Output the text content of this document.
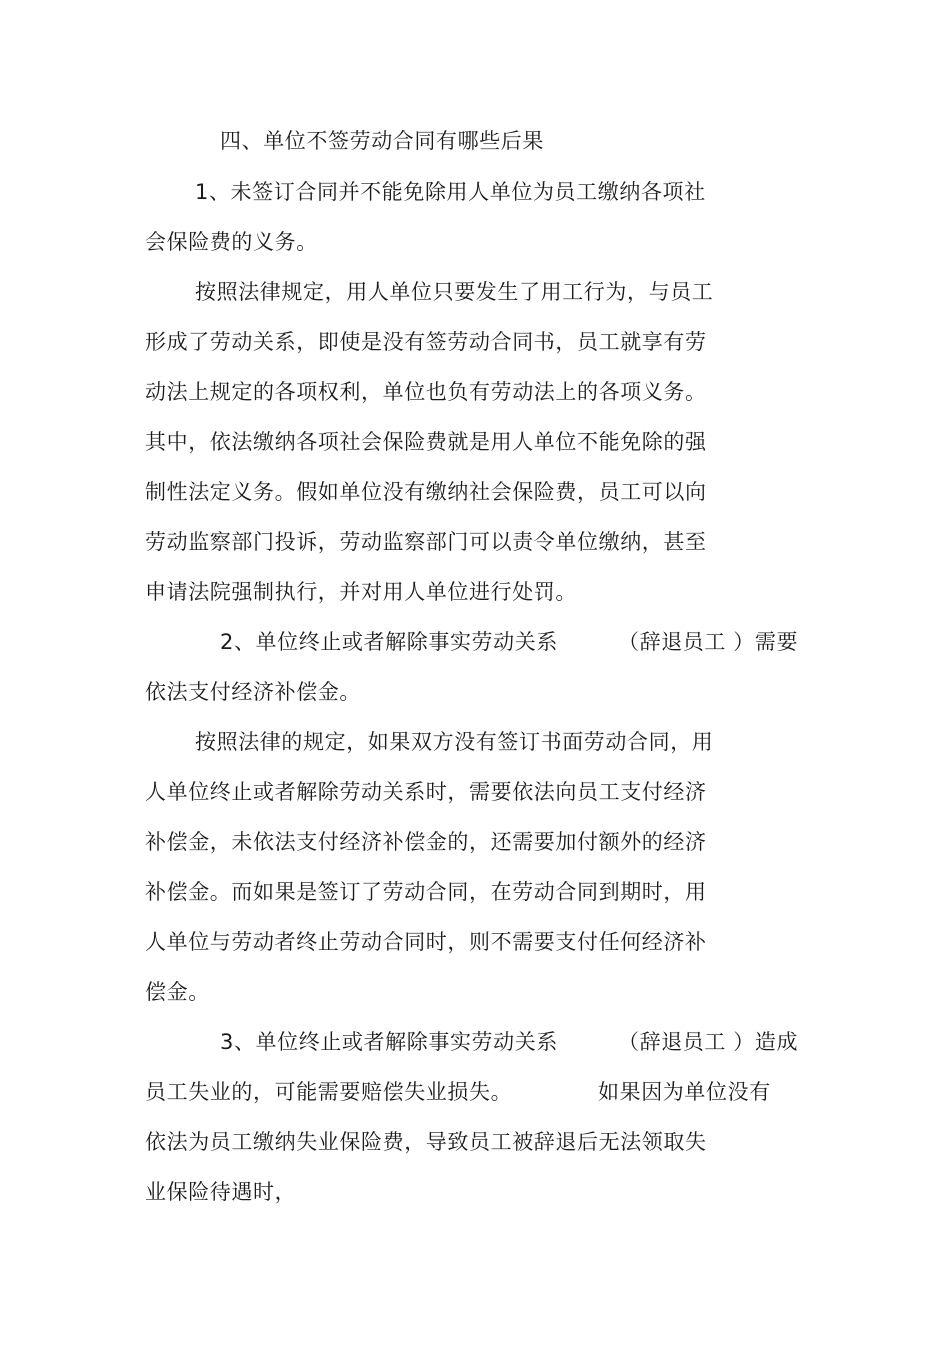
四、单位不签劳动合同有哪些后果
1、未签订合同并不能免除用人单位为员工缴纳各项社
会保险费的义务。
按照法律规定，用人单位只要发生了用工行为，与员工
形成了劳动关系，即使是没有签劳动合同书，员工就享有劳
动法上规定的各项权利，单位也负有劳动法上的各项义务。
其中，依法缴纳各项社会保险费就是用人单位不能免除的强
制性法定义务。假如单位没有缴纳社会保险费，员工可以向
劳动监察部门投诉，劳动监察部门可以责令单位缴纳，甚至
申请法院强制执行，并对用人单位进行处罚。
2、单位终止或者解除事实劳动关系	（辞退员工 ）需要
依法支付经济补偿金。
按照法律的规定，如果双方没有签订书面劳动合同，用
人单位终止或者解除劳动关系时，需要依法向员工支付经济
补偿金，未依法支付经济补偿金的，还需要加付额外的经济
补偿金。而如果是签订了劳动合同，在劳动合同到期时，用
人单位与劳动者终止劳动合同时，则不需要支付任何经济补
偿金。
3、单位终止或者解除事实劳动关系	（辞退员工 ）造成
员工失业的，可能需要赔偿失业损失。	如果因为单位没有
依法为员工缴纳失业保险费，导致员工被辞退后无法领取失
业保险待遇时，
